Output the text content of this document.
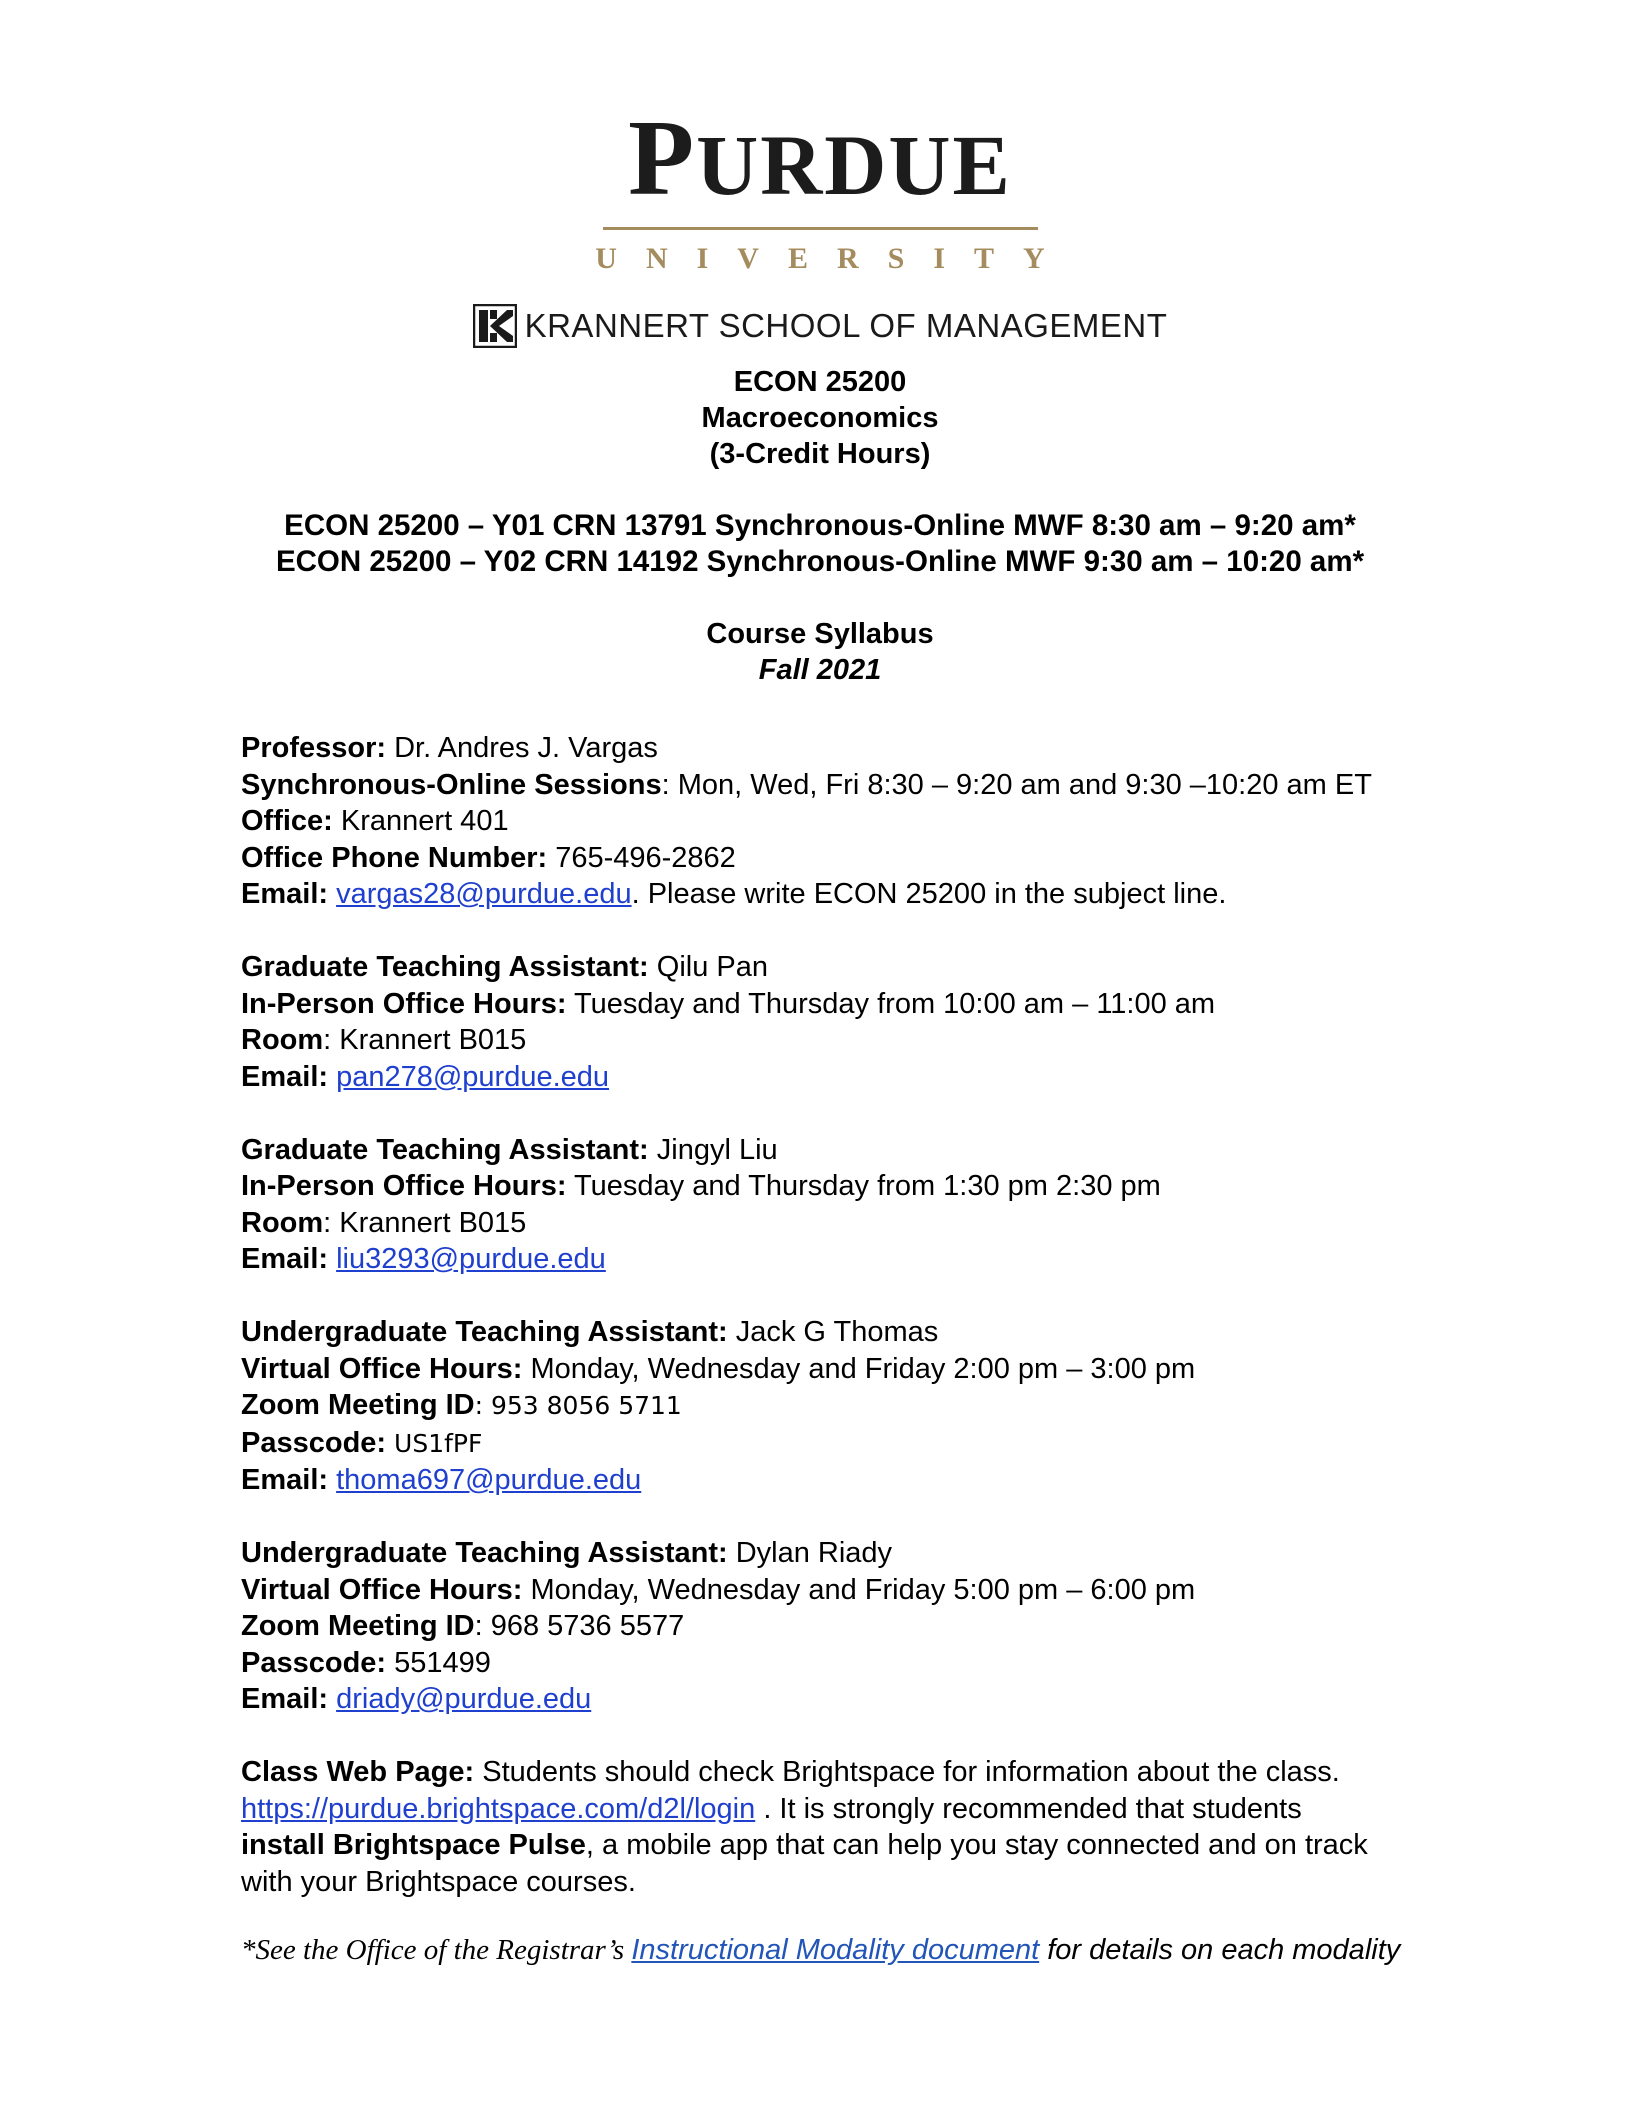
PURDUE
UNIVERSITY
KRANNERT SCHOOL OF MANAGEMENT
ECON 25200
Macroeconomics
(3-Credit Hours)
ECON 25200 – Y01 CRN 13791 Synchronous-Online MWF 8:30 am – 9:20 am*
ECON 25200 – Y02 CRN 14192 Synchronous-Online MWF 9:30 am – 10:20 am*
Course Syllabus
Fall 2021
Professor: Dr. Andres J. Vargas
Synchronous-Online Sessions: Mon, Wed, Fri 8:30 – 9:20 am and 9:30 –10:20 am ET
Office: Krannert 401
Office Phone Number: 765-496-2862
Email: vargas28@purdue.edu. Please write ECON 25200 in the subject line.
Graduate Teaching Assistant: Qilu Pan
In-Person Office Hours: Tuesday and Thursday from 10:00 am – 11:00 am
Room: Krannert B015
Email: pan278@purdue.edu
Graduate Teaching Assistant: Jingyl Liu
In-Person Office Hours: Tuesday and Thursday from 1:30 pm 2:30 pm
Room: Krannert B015
Email: liu3293@purdue.edu
Undergraduate Teaching Assistant: Jack G Thomas
Virtual Office Hours: Monday, Wednesday and Friday 2:00 pm – 3:00 pm
Zoom Meeting ID: 953 8056 5711
Passcode: US1fPF
Email: thoma697@purdue.edu
Undergraduate Teaching Assistant: Dylan Riady
Virtual Office Hours: Monday, Wednesday and Friday 5:00 pm – 6:00 pm
Zoom Meeting ID: 968 5736 5577
Passcode: 551499
Email: driady@purdue.edu
Class Web Page: Students should check Brightspace for information about the class.
https://purdue.brightspace.com/d2l/login . It is strongly recommended that students
install Brightspace Pulse, a mobile app that can help you stay connected and on track with your Brightspace courses.
*See the Office of the Registrar’s Instructional Modality document for details on each modality
